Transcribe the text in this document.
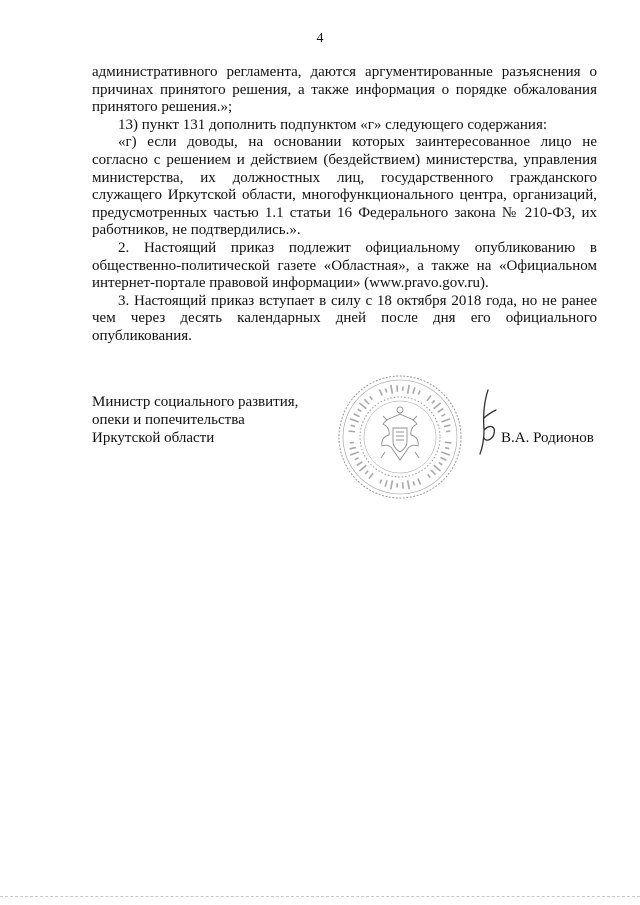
4

административного регламента, даются аргументированные разъяснения о причинах принятого решения, а также информация о порядке обжалования принятого решения.»;

13) пункт 131 дополнить подпунктом «г» следующего содержания:

«г) если доводы, на основании которых заинтересованное лицо не согласно с решением и действием (бездействием) министерства, управления министерства, их должностных лиц, государственного гражданского служащего Иркутской области, многофункционального центра, организаций, предусмотренных частью 1.1 статьи 16 Федерального закона № 210-ФЗ, их работников, не подтвердились.».

2. Настоящий приказ подлежит официальному опубликованию в общественно-политической газете «Областная», а также на «Официальном интернет-портале правовой информации» (www.pravo.gov.ru).

3. Настоящий приказ вступает в силу с 18 октября 2018 года, но не ранее чем через десять календарных дней после дня его официального опубликования.

Министр социального развития,
опеки и попечительства
Иркутской области	В.А. Родионов
